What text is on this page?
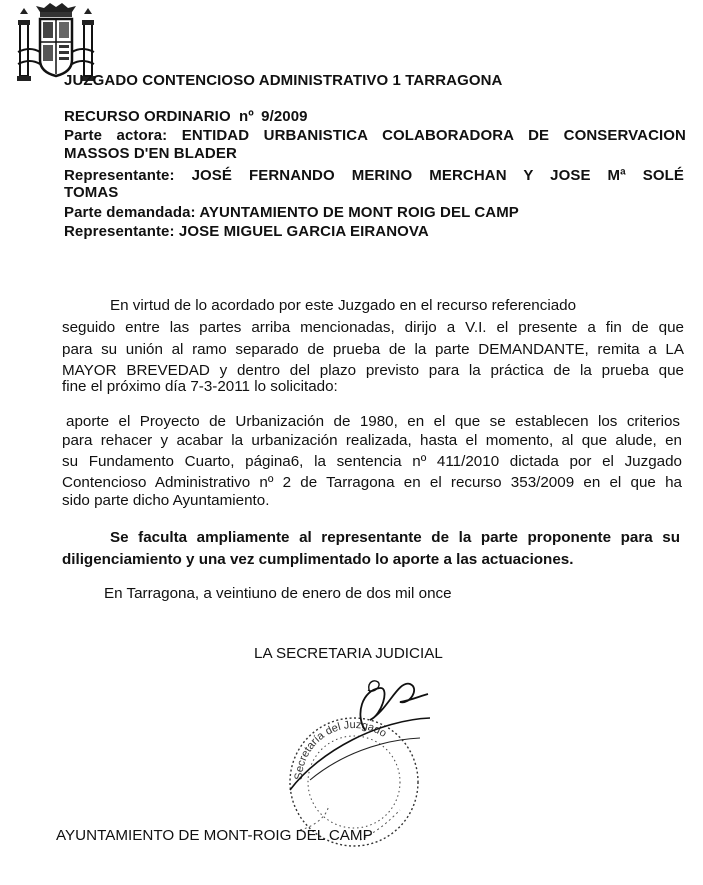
JUZGADO CONTENCIOSO ADMINISTRATIVO 1 TARRAGONA
RECURSO ORDINARIO nº 9/2009
Parte actora: ENTIDAD URBANISTICA COLABORADORA DE CONSERVACION
MASSOS D'EN BLADER
Representante: JOSÉ FERNANDO MERINO MERCHAN Y JOSE Mª SOLÉ
TOMAS
Parte demandada: AYUNTAMIENTO DE MONT ROIG DEL CAMP
Representante: JOSE MIGUEL GARCIA EIRANOVA
En virtud de lo acordado por este Juzgado en el recurso referenciado
seguido entre las partes arriba mencionadas, dirijo a V.I. el presente a fin de que
para su unión al ramo separado de prueba de la parte DEMANDANTE, remita a LA
MAYOR BREVEDAD y dentro del plazo previsto para la práctica de la prueba que
fine el próximo día 7-3-2011 lo solicitado:
aporte el Proyecto de Urbanización de 1980, en el que se establecen los criterios
para rehacer y acabar la urbanización realizada, hasta el momento, al que alude, en
su Fundamento Cuarto, página6, la sentencia nº 411/2010 dictada por el Juzgado
Contencioso Administrativo nº 2 de Tarragona en el recurso 353/2009 en el que ha
sido parte dicho Ayuntamiento.
Se faculta ampliamente al representante de la parte proponente para su
diligenciamiento y una vez cumplimentado lo aporte a las actuaciones.
En Tarragona, a veintiuno de enero de dos mil once
LA SECRETARIA JUDICIAL
Secretaría del Juzgado
AYUNTAMIENTO DE MONT-ROIG DEL CAMP
